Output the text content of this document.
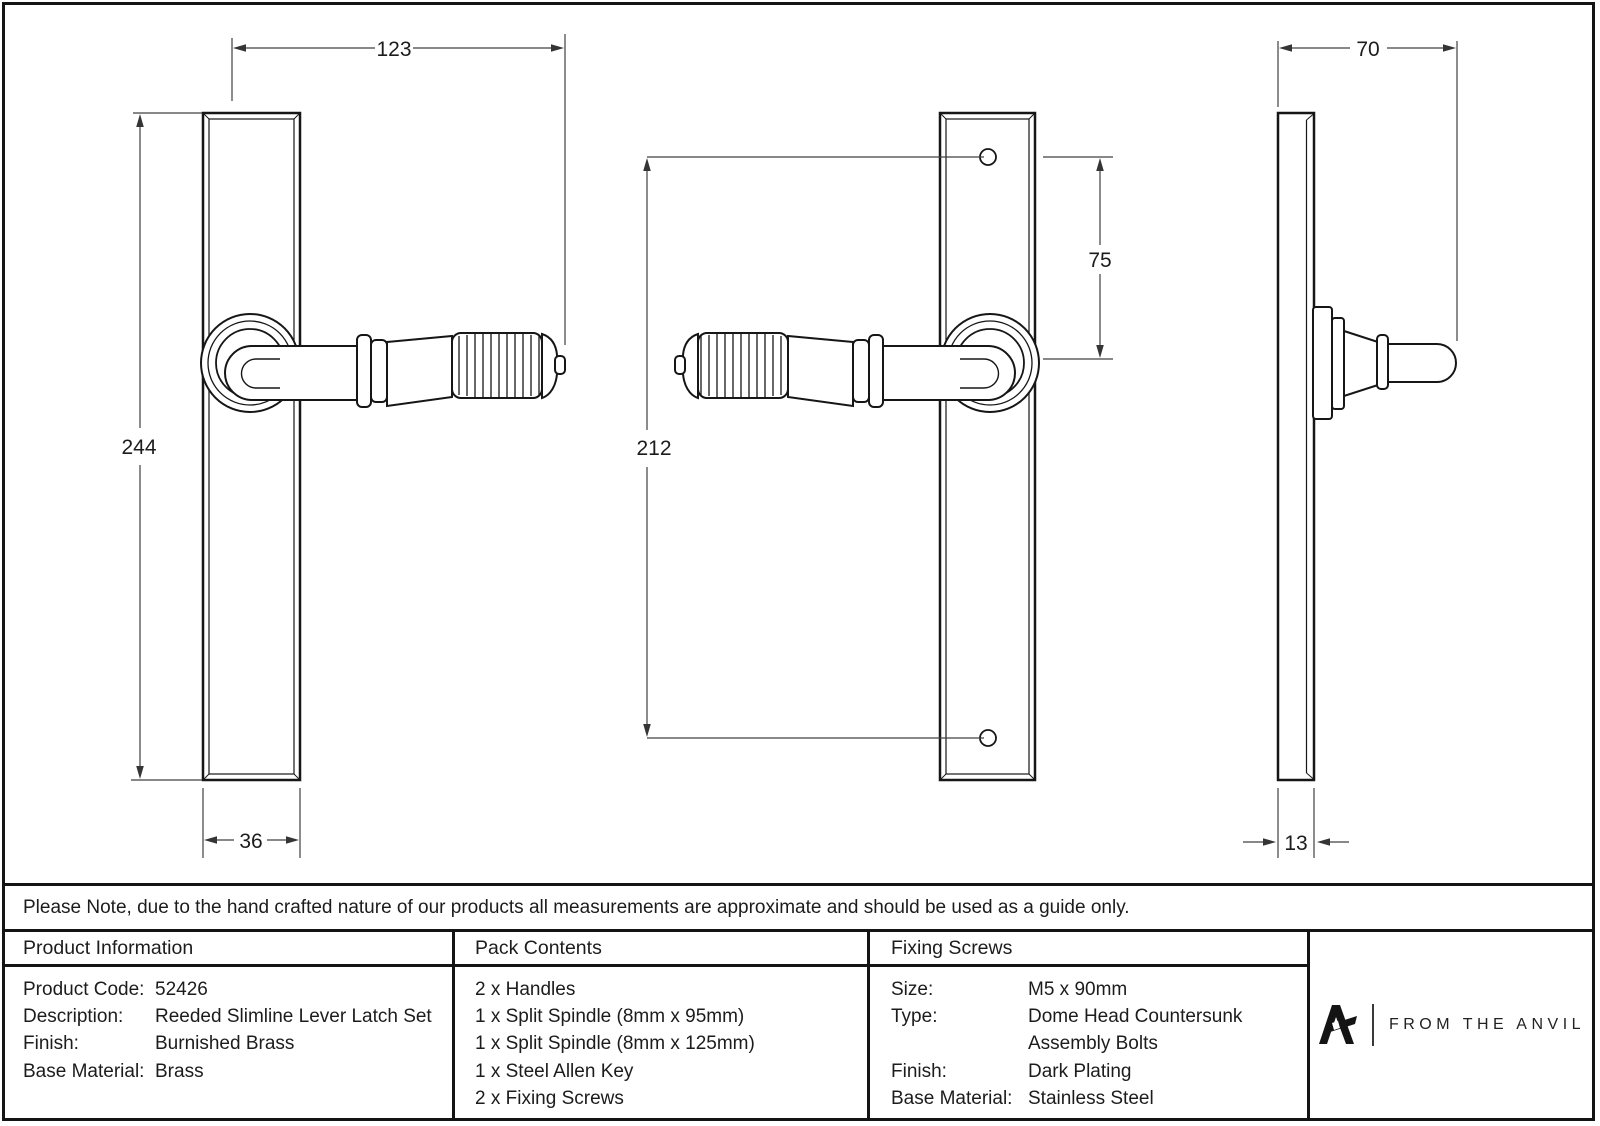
123
244
36
212
75
70
13
Please Note, due to the hand crafted nature of our products all measurements are approximate and should be used as a guide only.
Product Information
Product Code: 52426
Description:	Reeded Slimline Lever Latch Set
Finish:	Burnished Brass
Base Material: Brass
Pack Contents
2 x Handles
1 x Split Spindle (8mm x 95mm)
1 x Split Spindle (8mm x 125mm)
1 x Steel Allen Key
2 x Fixing Screws
Fixing Screws
Size:	M5 x 90mm
Type:	Dome Head Countersunk
Assembly Bolts
Finish:	Dark Plating
Base Material: Stainless Steel
FROM THE ANVIL
